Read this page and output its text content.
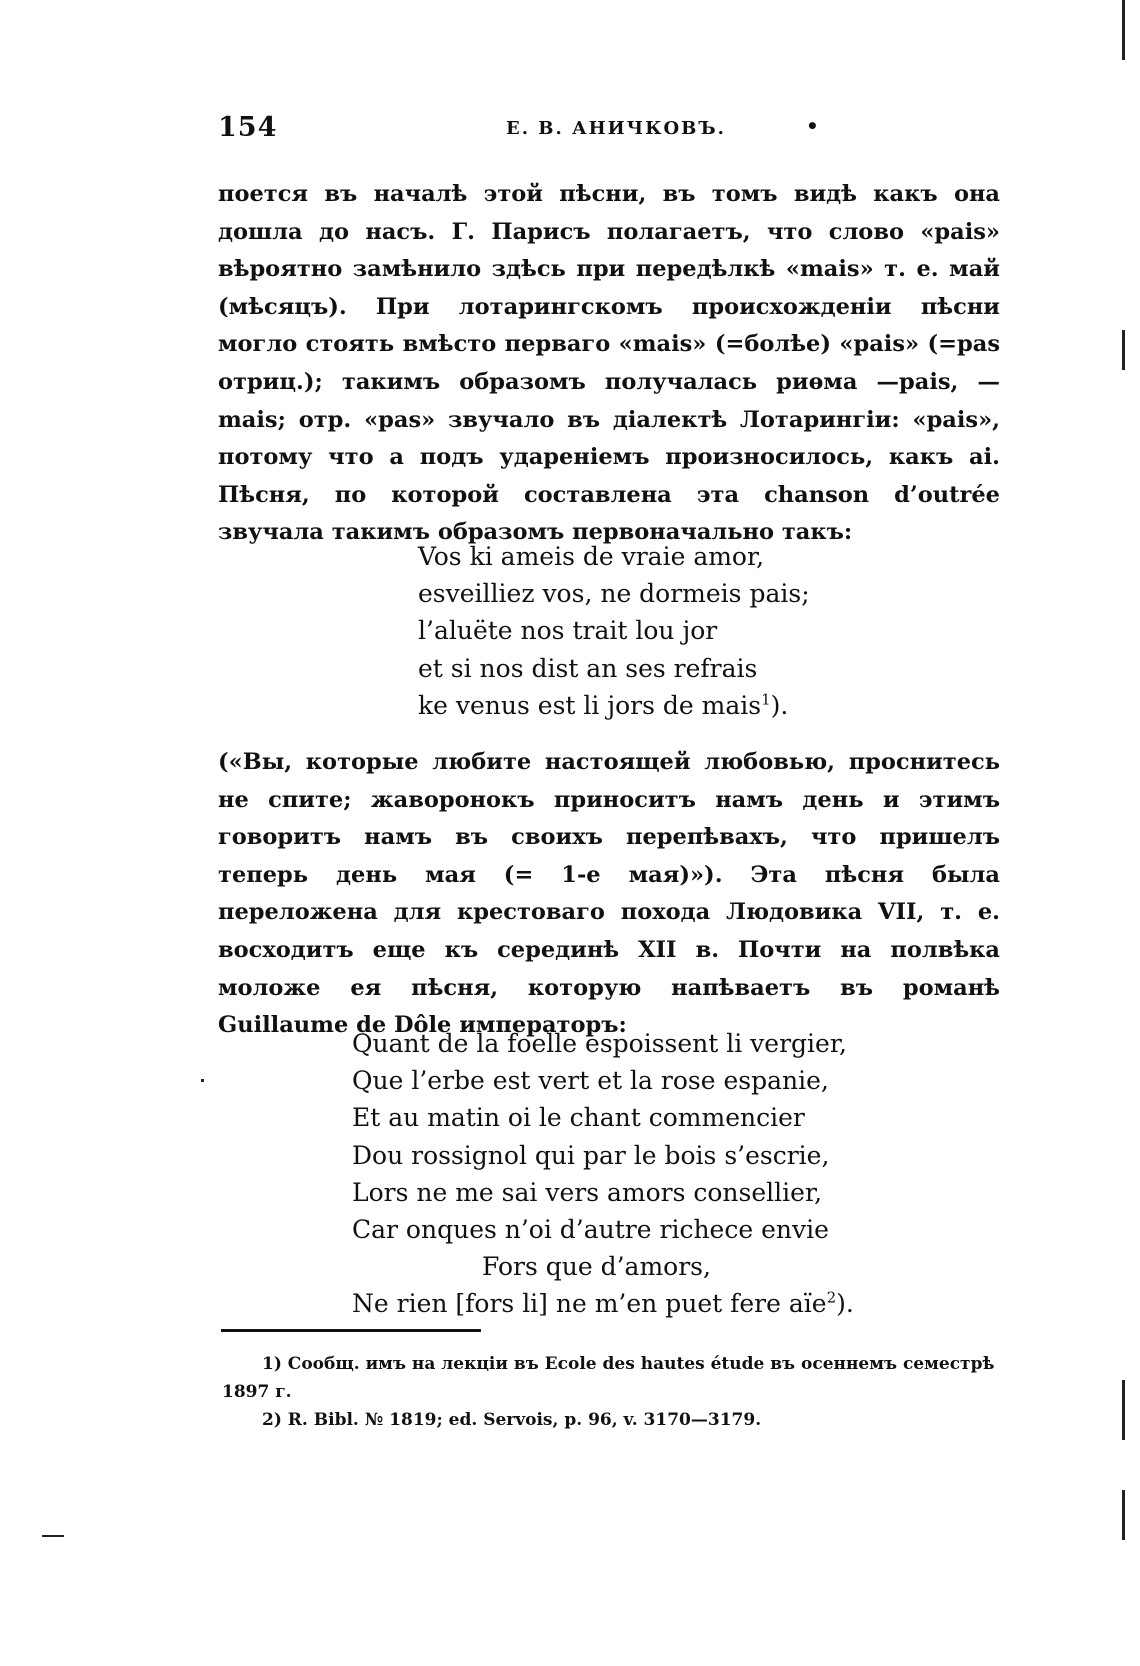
154	Е. В. АНИЧКОВЪ.	•

поется въ началѣ этой пѣсни, въ томъ видѣ какъ она дошла до насъ. Г. Парисъ полагаетъ, что слово «pais» вѣроятно замѣнило здѣсь при передѣлкѣ «mais» т. е. май (мѣсяцъ). При лотарингскомъ происхожденіи пѣсни могло стоять вмѣсто перваго «mais» (=болѣе) «pais» (=pas отриц.); такимъ образомъ получалась риѳма —pais, —mais; отр. «pas» звучало въ діалектѣ Лотарингіи: «pais», потому что a подъ удареніемъ произносилось, какъ ai. Пѣсня, по которой составлена эта chanson d’outrée звучала такимъ образомъ первоначально такъ:

Vos ki ameis de vraie amor,
esveilliez vos, ne dormeis pais;
l’aluëte nos trait lou jor
et si nos dist an ses refrais
ke venus est li jors de mais$^1$).

(«Вы, которые любите настоящей любовью, проснитесь не спите; жаворонокъ приноситъ намъ день и этимъ говоритъ намъ въ своихъ перепѣвахъ, что пришелъ теперь день мая (= 1-е мая)»). Эта пѣсня была переложена для крестоваго похода Людовика VII, т. е. восходитъ еще къ серединѣ XII в. Почти на полвѣка моложе ея пѣсня, которую напѣваетъ въ романѣ Guillaume de Dôle императоръ:

Quant de la foelle espoissent li vergier,
Que l’erbe est vert et la rose espanie,
Et au matin oi le chant commencier
Dou rossignol qui par le bois s’escrie,
Lors ne me sai vers amors consellier,
Car onques n’oi d’autre richece envie
Fors que d’amors,
Ne rien [fors li] ne m’en puet fere aïe$^2$).
1) Сообщ. имъ на лекціи въ Ecole des hautes étude въ осеннемъ семестрѣ
1897 г.
2) R. Bibl. № 1819; ed. Servois, p. 96, v. 3170—3179.
